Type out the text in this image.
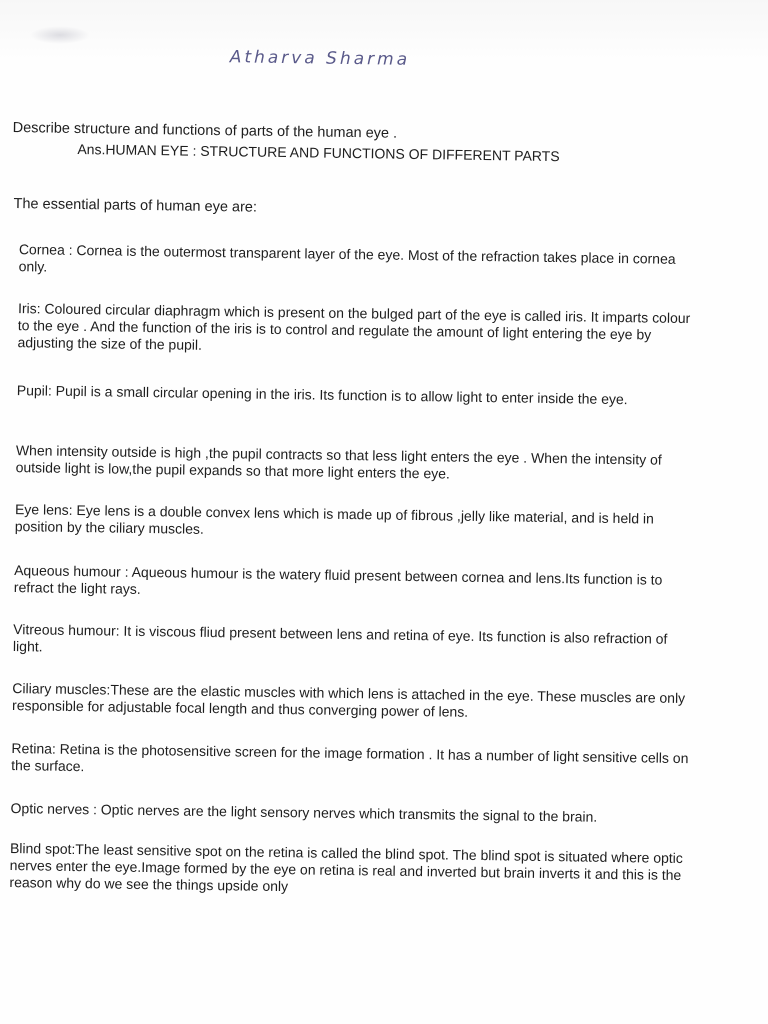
Atharva Sharma
Describe structure and functions of parts of the human eye .
Ans.HUMAN EYE : STRUCTURE AND FUNCTIONS OF DIFFERENT PARTS
The essential parts of human eye are:

Cornea : Cornea is the outermost transparent layer of the eye. Most of the refraction takes place in cornea only.

Iris: Coloured circular diaphragm which is present on the bulged part of the eye is called iris. It imparts colour to the eye . And the function of the iris is to control and regulate the amount of light entering the eye by adjusting the size of the pupil.

Pupil: Pupil is a small circular opening in the iris. Its function is to allow light to enter inside the eye.

When intensity outside is high ,the pupil contracts so that less light enters the eye . When the intensity of outside light is low,the pupil expands so that more light enters the eye.

Eye lens: Eye lens is a double convex lens which is made up of fibrous ,jelly like material, and is held in position by the ciliary muscles.

Aqueous humour : Aqueous humour is the watery fluid present between cornea and lens.Its function is to refract the light rays.

Vitreous humour: It is viscous fliud present between lens and retina of eye. Its function is also refraction of light.

Ciliary muscles:These are the elastic muscles with which lens is attached in the eye. These muscles are only responsible for adjustable focal length and thus converging power of lens.

Retina: Retina is the photosensitive screen for the image formation . It has a number of light sensitive cells on the surface.

Optic nerves : Optic nerves are the light sensory nerves which transmits the signal to the brain.

Blind spot:The least sensitive spot on the retina is called the blind spot. The blind spot is situated where optic nerves enter the eye.Image formed by the eye on retina is real and inverted but brain inverts it and this is the reason why do we see the things upside only
